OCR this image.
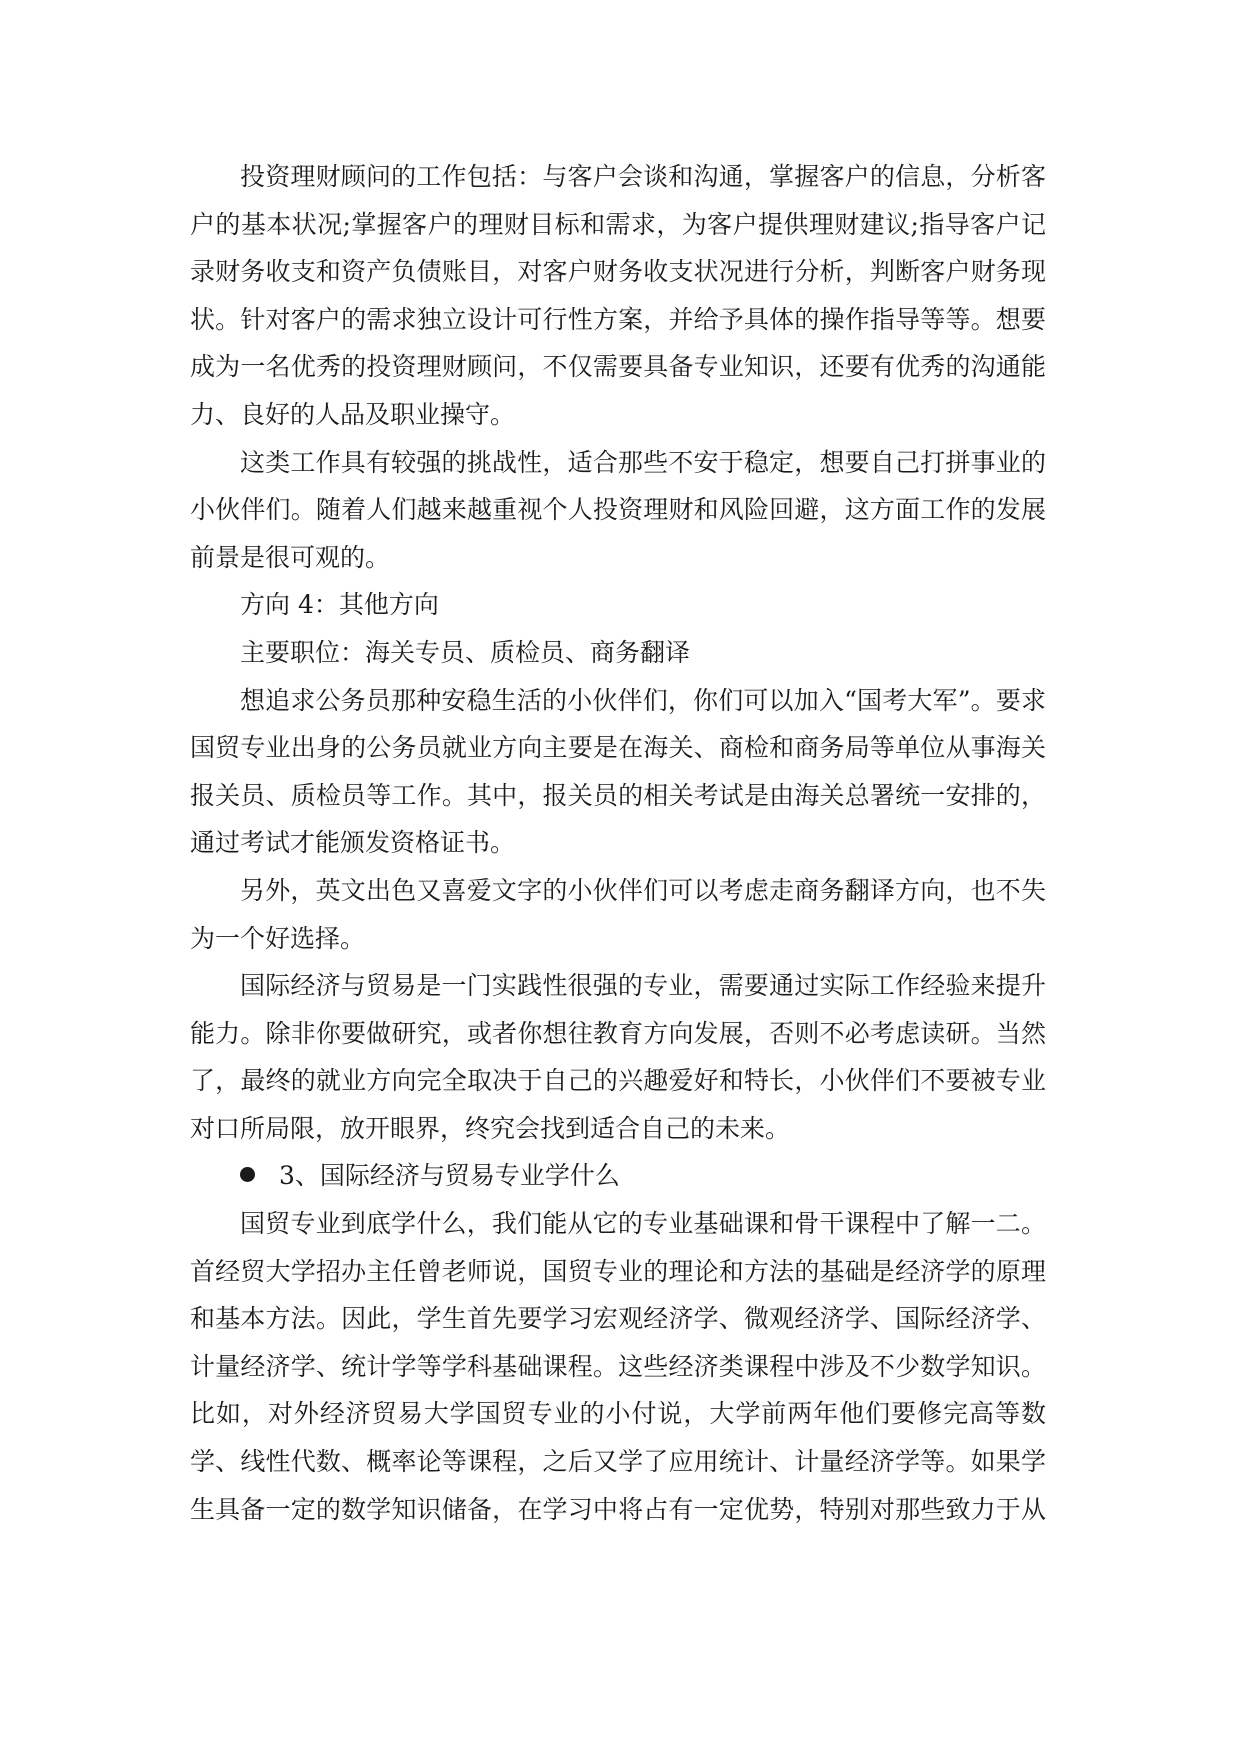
投资理财顾问的工作包括：与客户会谈和沟通，掌握客户的信息，分析客
户的基本状况;掌握客户的理财目标和需求，为客户提供理财建议;指导客户记
录财务收支和资产负债账目，对客户财务收支状况进行分析，判断客户财务现
状。针对客户的需求独立设计可行性方案，并给予具体的操作指导等等。想要
成为一名优秀的投资理财顾问，不仅需要具备专业知识，还要有优秀的沟通能
力、良好的人品及职业操守。
这类工作具有较强的挑战性，适合那些不安于稳定，想要自己打拼事业的
小伙伴们。随着人们越来越重视个人投资理财和风险回避，这方面工作的发展
前景是很可观的。
方向 4：其他方向
主要职位：海关专员、质检员、商务翻译
想追求公务员那种安稳生活的小伙伴们，你们可以加入“国考大军”。要求
国贸专业出身的公务员就业方向主要是在海关、商检和商务局等单位从事海关
报关员、质检员等工作。其中，报关员的相关考试是由海关总署统一安排的，
通过考试才能颁发资格证书。
另外，英文出色又喜爱文字的小伙伴们可以考虑走商务翻译方向，也不失
为一个好选择。
国际经济与贸易是一门实践性很强的专业，需要通过实际工作经验来提升
能力。除非你要做研究，或者你想往教育方向发展，否则不必考虑读研。当然
了，最终的就业方向完全取决于自己的兴趣爱好和特长，小伙伴们不要被专业
对口所局限，放开眼界，终究会找到适合自己的未来。
3、国际经济与贸易专业学什么
国贸专业到底学什么，我们能从它的专业基础课和骨干课程中了解一二。
首经贸大学招办主任曾老师说，国贸专业的理论和方法的基础是经济学的原理
和基本方法。因此，学生首先要学习宏观经济学、微观经济学、国际经济学、
计量经济学、统计学等学科基础课程。这些经济类课程中涉及不少数学知识。
比如，对外经济贸易大学国贸专业的小付说，大学前两年他们要修完高等数
学、线性代数、概率论等课程，之后又学了应用统计、计量经济学等。如果学
生具备一定的数学知识储备，在学习中将占有一定优势，特别对那些致力于从
